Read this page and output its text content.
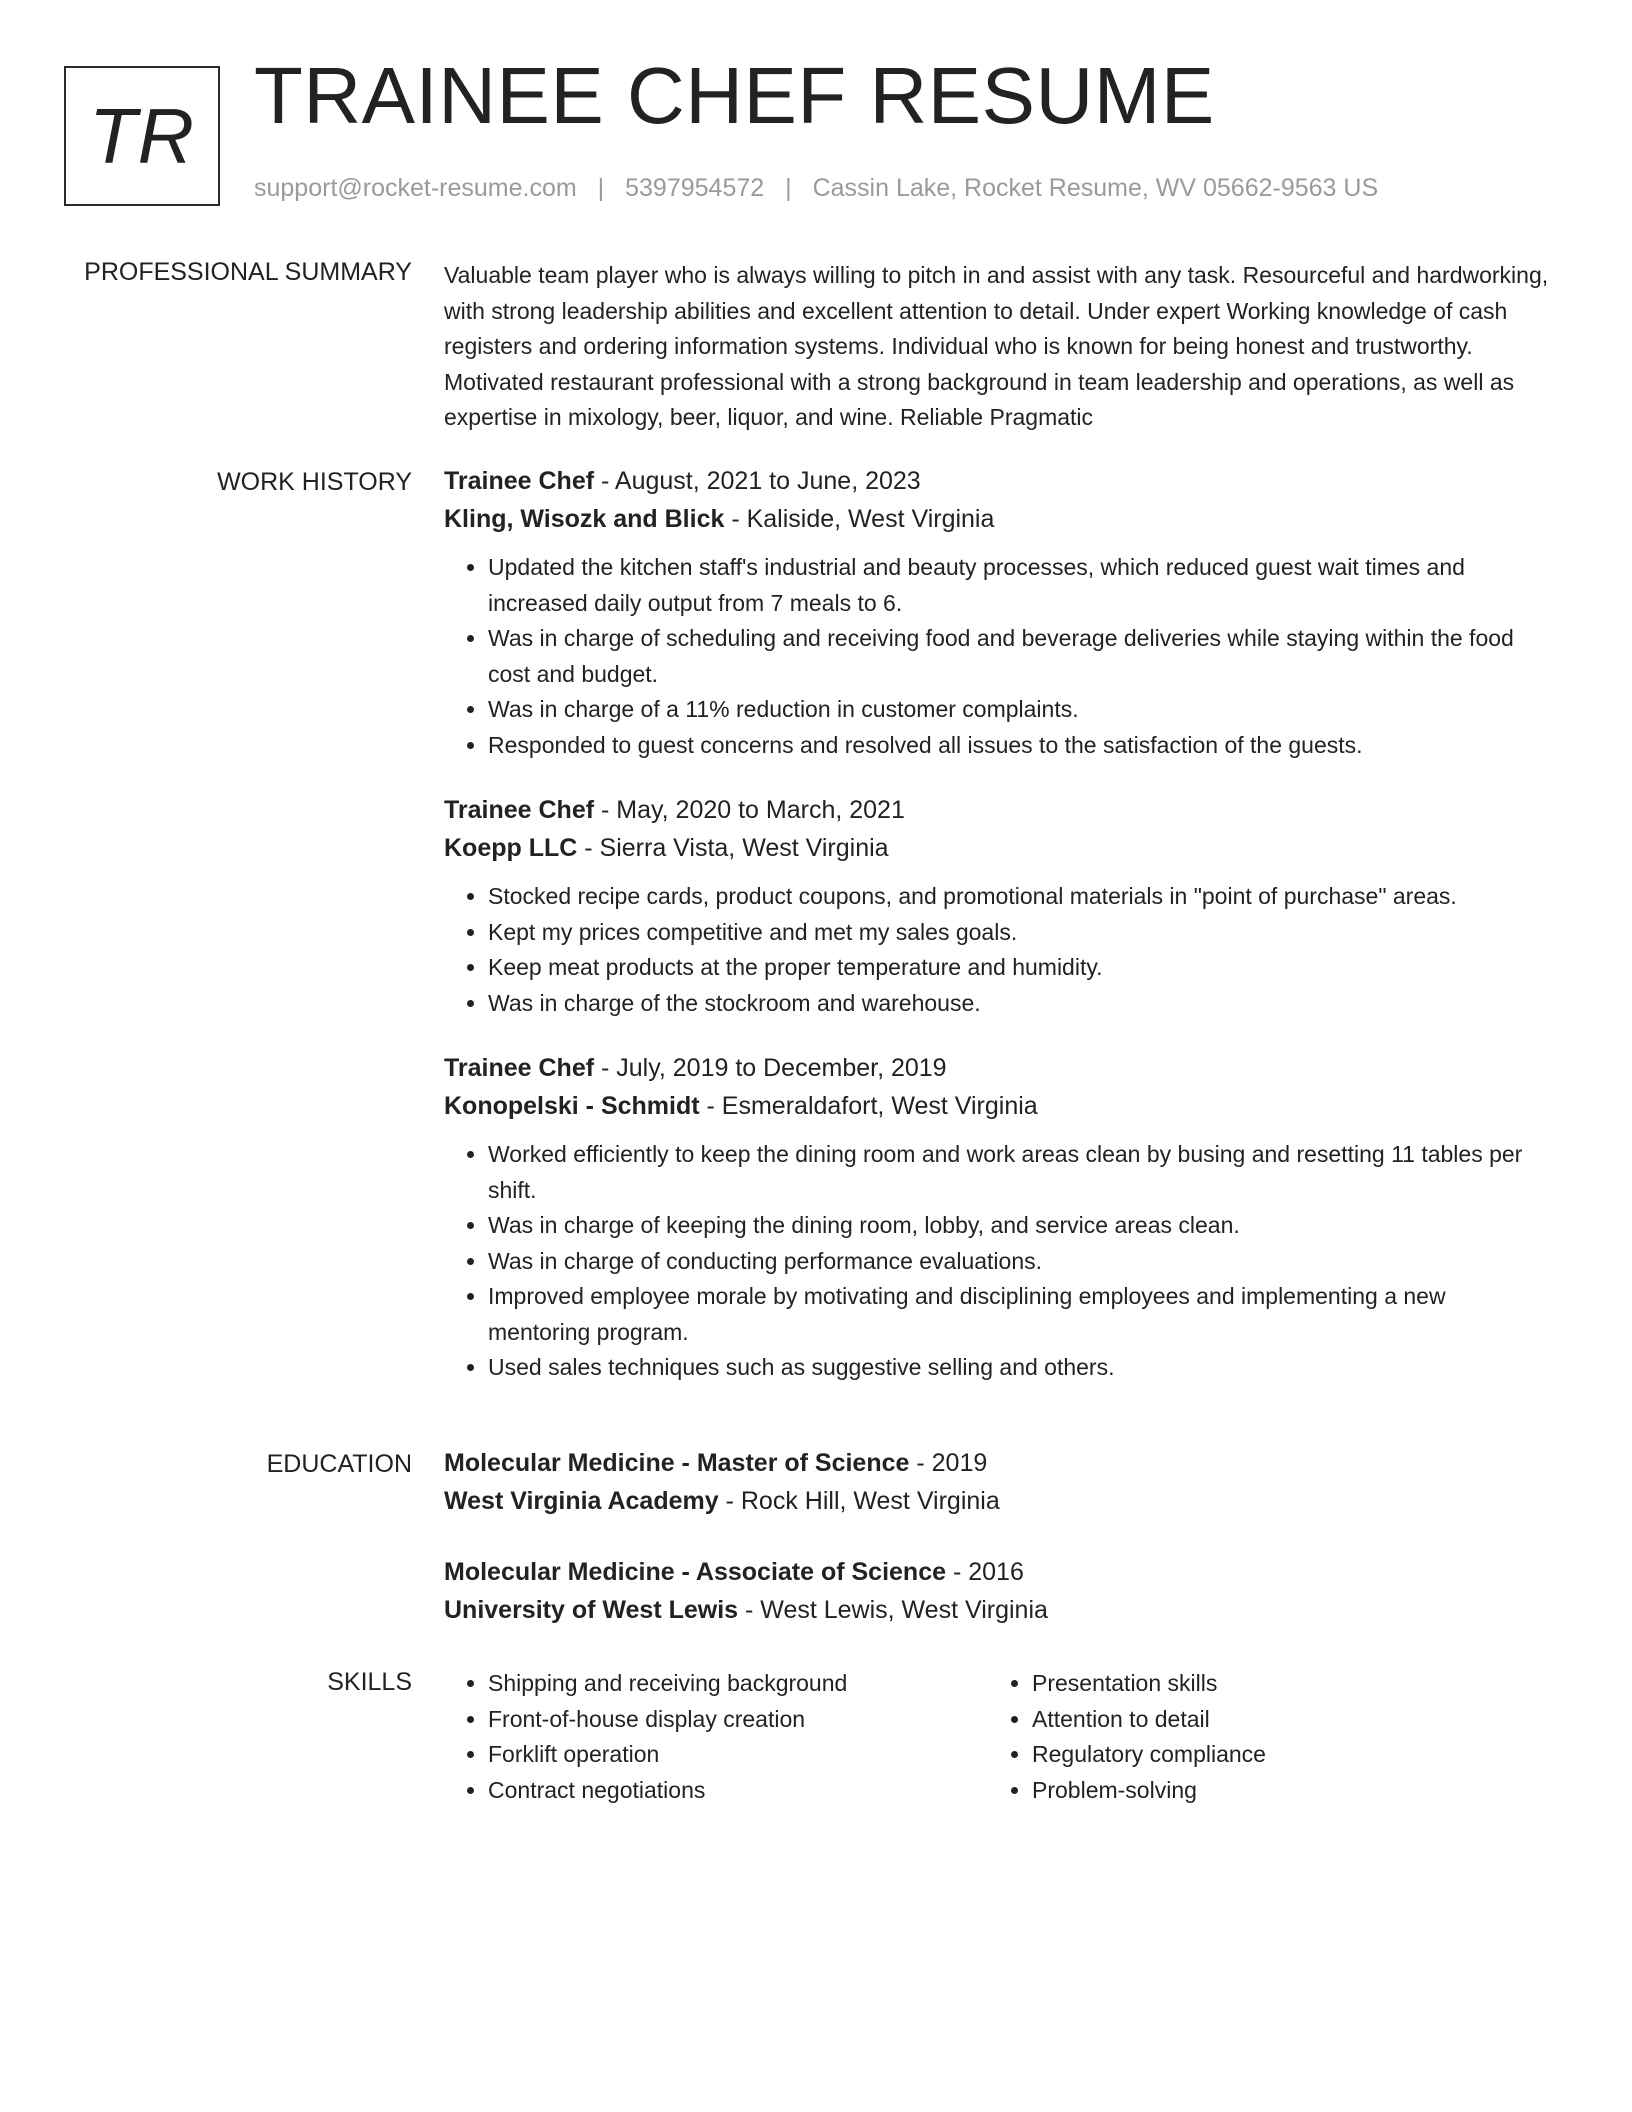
TR TRAINEE CHEF RESUME
support@rocket-resume.com | 5397954572 | Cassin Lake, Rocket Resume, WV 05662-9563 US
PROFESSIONAL SUMMARY Valuable team player who is always willing to pitch in and assist with any task. Resourceful and hardworking, with strong leadership abilities and excellent attention to detail. Under expert Working knowledge of cash registers and ordering information systems. Individual who is known for being honest and trustworthy. Motivated restaurant professional with a strong background in team leadership and operations, as well as expertise in mixology, beer, liquor, and wine. Reliable Pragmatic

WORK HISTORY Trainee Chef - August, 2021 to June, 2023
Kling, Wisozk and Blick - Kaliside, West Virginia
• Updated the kitchen staff's industrial and beauty processes, which reduced guest wait times and increased daily output from 7 meals to 6.
• Was in charge of scheduling and receiving food and beverage deliveries while staying within the food cost and budget.
• Was in charge of a 11% reduction in customer complaints.
• Responded to guest concerns and resolved all issues to the satisfaction of the guests.
Trainee Chef - May, 2020 to March, 2021
Koepp LLC - Sierra Vista, West Virginia
• Stocked recipe cards, product coupons, and promotional materials in "point of purchase" areas.
• Kept my prices competitive and met my sales goals.
• Keep meat products at the proper temperature and humidity.
• Was in charge of the stockroom and warehouse.
Trainee Chef - July, 2019 to December, 2019
Konopelski - Schmidt - Esmeraldafort, West Virginia
• Worked efficiently to keep the dining room and work areas clean by busing and resetting 11 tables per shift.
• Was in charge of keeping the dining room, lobby, and service areas clean.
• Was in charge of conducting performance evaluations.
• Improved employee morale by motivating and disciplining employees and implementing a new mentoring program.
• Used sales techniques such as suggestive selling and others.
EDUCATION Molecular Medicine - Master of Science - 2019
West Virginia Academy - Rock Hill, West Virginia
Molecular Medicine - Associate of Science - 2016
University of West Lewis - West Lewis, West Virginia
SKILLS
•	Shipping and receiving background
• Front-of-house display creation
• Forklift operation
• Contract negotiations
• Presentation skills
• Attention to detail
• Regulatory compliance
• Problem-solving
